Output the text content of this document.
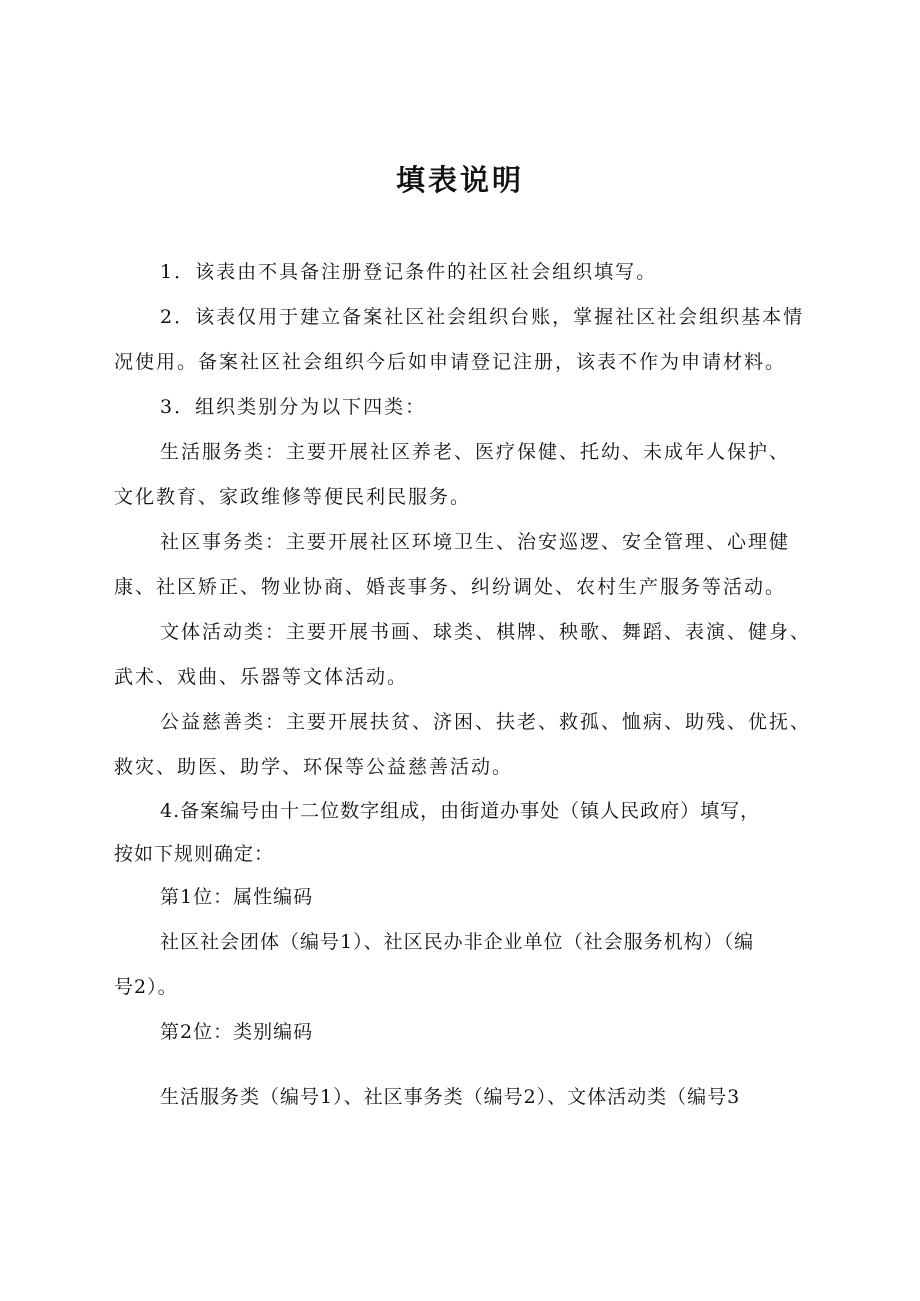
填表说明
1．该表由不具备注册登记条件的社区社会组织填写。
2．该表仅用于建立备案社区社会组织台账，掌握社区社会组织基本情
况使用。备案社区社会组织今后如申请登记注册，该表不作为申请材料。
3．组织类别分为以下四类：
生活服务类：主要开展社区养老、医疗保健、托幼、未成年人保护、
文化教育、家政维修等便民利民服务。
社区事务类：主要开展社区环境卫生、治安巡逻、安全管理、心理健
康、社区矫正、物业协商、婚丧事务、纠纷调处、农村生产服务等活动。
文体活动类：主要开展书画、球类、棋牌、秧歌、舞蹈、表演、健身、
武术、戏曲、乐器等文体活动。
公益慈善类：主要开展扶贫、济困、扶老、救孤、恤病、助残、优抚、
救灾、助医、助学、环保等公益慈善活动。
4.备案编号由十二位数字组成，由街道办事处（镇人民政府）填写，
按如下规则确定：
第1位：属性编码
社区社会团体（编号1）、社区民办非企业单位（社会服务机构）（编
号2）。
第2位：类别编码
生活服务类（编号1）、社区事务类（编号2）、文体活动类（编号3
